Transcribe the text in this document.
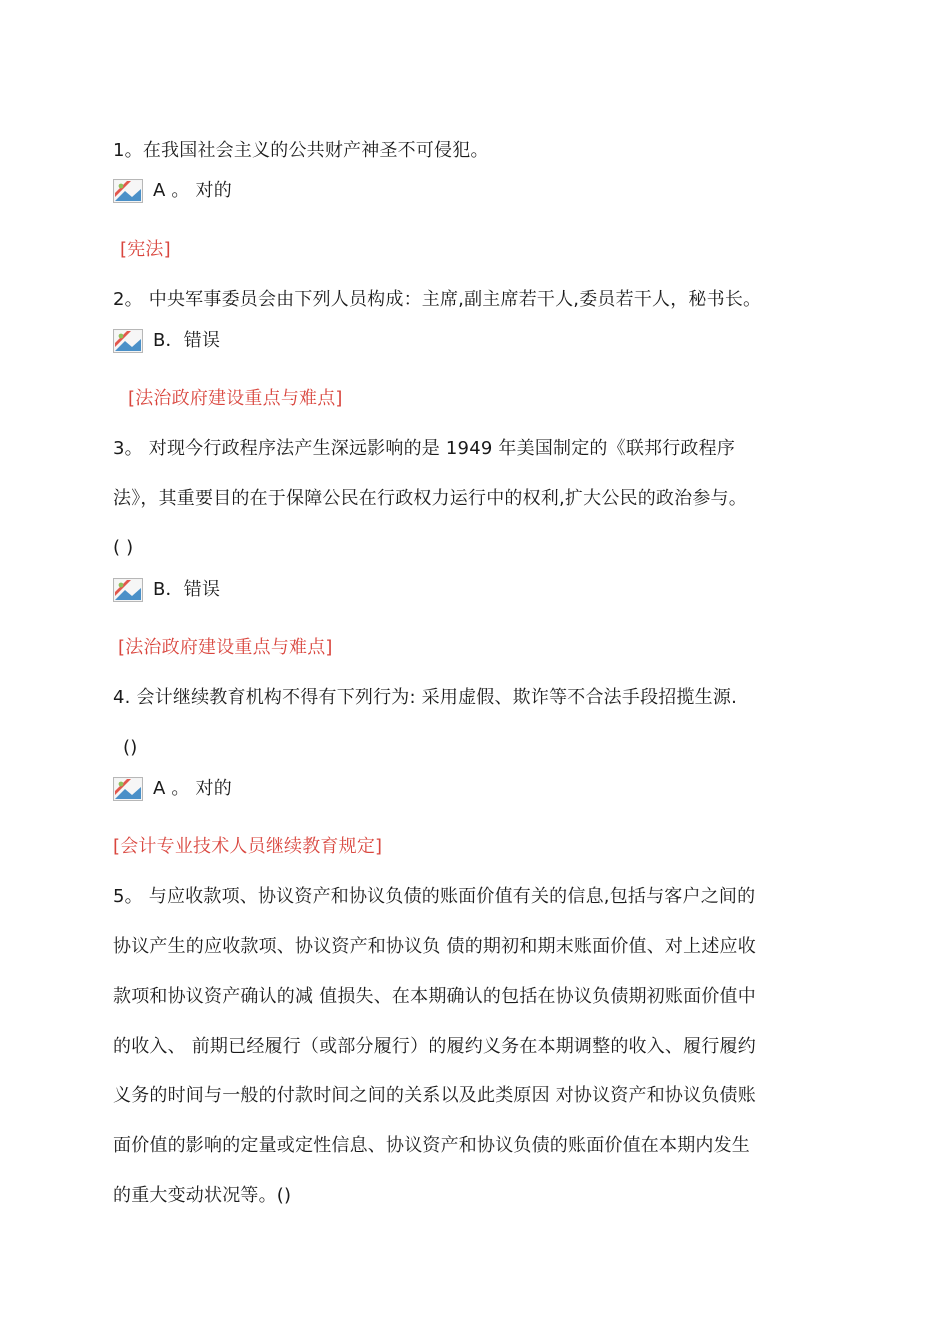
1。在我国社会主义的公共财产神圣不可侵犯。
A 。 对的
[宪法]
2。 中央军事委员会由下列人员构成：主席,副主席若干人,委员若干人，秘书长。
B．错误
[法治政府建设重点与难点]
3。 对现今行政程序法产生深远影响的是 1949 年美国制定的《联邦行政程序
法》，其重要目的在于保障公民在行政权力运行中的权利,扩大公民的政治参与。
( )
B．错误
[法治政府建设重点与难点]
4. 会计继续教育机构不得有下列行为: 采用虚假、欺诈等不合法手段招揽生源.
()
A 。 对的
[会计专业技术人员继续教育规定]
5。 与应收款项、协议资产和协议负债的账面价值有关的信息,包括与客户之间的
协议产生的应收款项、协议资产和协议负 债的期初和期末账面价值、对上述应收
款项和协议资产确认的减 值损失、在本期确认的包括在协议负债期初账面价值中
的收入、 前期已经履行（或部分履行）的履约义务在本期调整的收入、履行履约
义务的时间与一般的付款时间之间的关系以及此类原因 对协议资产和协议负债账
面价值的影响的定量或定性信息、协议资产和协议负债的账面价值在本期内发生
的重大变动状况等。()
